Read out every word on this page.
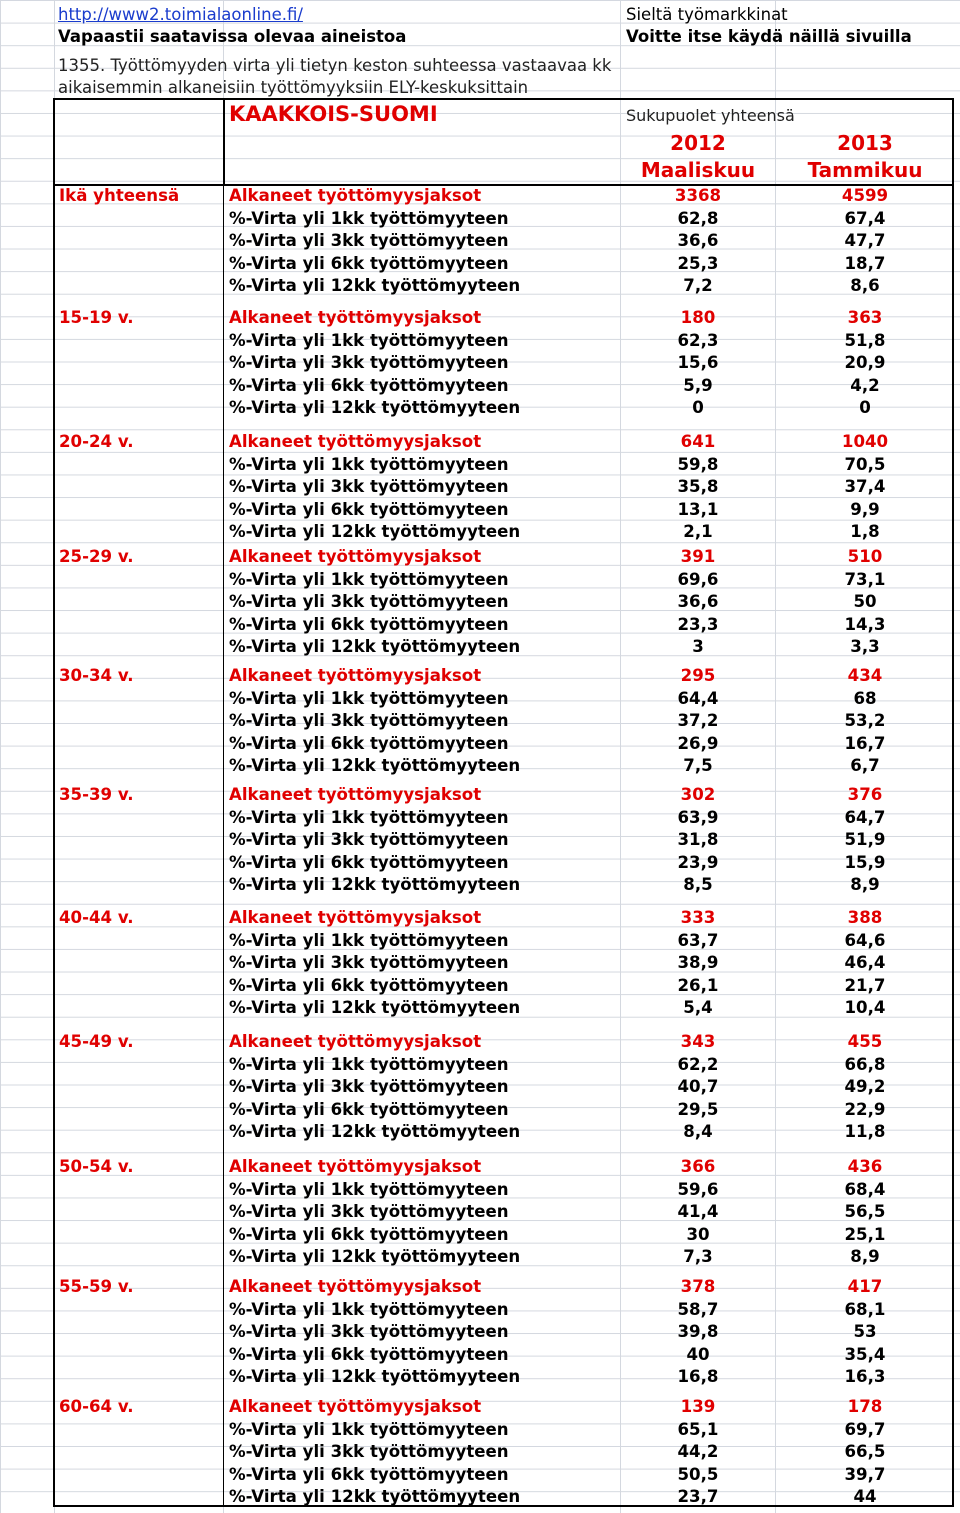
http://www2.toimialaonline.fi/	Sieltä työmarkkinat
Vapaastii saatavissa olevaa aineistoa	Voitte itse käydä näillä sivuilla
1355. Työttömyyden virta yli tietyn keston suhteessa vastaavaa kk
aikaisemmin alkaneisiin työttömyyksiin ELY-keskuksittain
KAAKKOIS-SUOMI	Sukupuolet yhteensä
2012
Maaliskuu
2013
Tammikuu
Ikä yhteensä	Alkaneet työttömyysjaksot	3368	4599
%-Virta yli 1kk työttömyyteen	62,8	67,4
%-Virta yli 3kk työttömyyteen	36,6	47,7
%-Virta yli 6kk työttömyyteen	25,3	18,7
%-Virta yli 12kk työttömyyteen	7,2	8,6
15-19 v.	Alkaneet työttömyysjaksot	180	363
%-Virta yli 1kk työttömyyteen	62,3	51,8
%-Virta yli 3kk työttömyyteen	15,6	20,9
%-Virta yli 6kk työttömyyteen	5,9	4,2
%-Virta yli 12kk työttömyyteen	0	0
20-24 v.	Alkaneet työttömyysjaksot	641	1040
%-Virta yli 1kk työttömyyteen	59,8	70,5
%-Virta yli 3kk työttömyyteen	35,8	37,4
%-Virta yli 6kk työttömyyteen	13,1	9,9
%-Virta yli 12kk työttömyyteen	2,1	1,8
25-29 v.	Alkaneet työttömyysjaksot	391	510
%-Virta yli 1kk työttömyyteen	69,6	73,1
%-Virta yli 3kk työttömyyteen	36,6	50
%-Virta yli 6kk työttömyyteen	23,3	14,3
%-Virta yli 12kk työttömyyteen	3	3,3
30-34 v.	Alkaneet työttömyysjaksot	295	434
%-Virta yli 1kk työttömyyteen	64,4	68
%-Virta yli 3kk työttömyyteen	37,2	53,2
%-Virta yli 6kk työttömyyteen	26,9	16,7
%-Virta yli 12kk työttömyyteen	7,5	6,7
35-39 v.	Alkaneet työttömyysjaksot	302	376
%-Virta yli 1kk työttömyyteen	63,9	64,7
%-Virta yli 3kk työttömyyteen	31,8	51,9
%-Virta yli 6kk työttömyyteen	23,9	15,9
%-Virta yli 12kk työttömyyteen	8,5	8,9
40-44 v.	Alkaneet työttömyysjaksot	333	388
%-Virta yli 1kk työttömyyteen	63,7	64,6
%-Virta yli 3kk työttömyyteen	38,9	46,4
%-Virta yli 6kk työttömyyteen	26,1	21,7
%-Virta yli 12kk työttömyyteen	5,4	10,4
45-49 v.	Alkaneet työttömyysjaksot	343	455
%-Virta yli 1kk työttömyyteen	62,2	66,8
%-Virta yli 3kk työttömyyteen	40,7	49,2
%-Virta yli 6kk työttömyyteen	29,5	22,9
%-Virta yli 12kk työttömyyteen	8,4	11,8
50-54 v.	Alkaneet työttömyysjaksot	366	436
%-Virta yli 1kk työttömyyteen	59,6	68,4
%-Virta yli 3kk työttömyyteen	41,4	56,5
%-Virta yli 6kk työttömyyteen	30	25,1
%-Virta yli 12kk työttömyyteen	7,3	8,9
55-59 v.	Alkaneet työttömyysjaksot	378	417
%-Virta yli 1kk työttömyyteen	58,7	68,1
%-Virta yli 3kk työttömyyteen	39,8	53
%-Virta yli 6kk työttömyyteen	40	35,4
%-Virta yli 12kk työttömyyteen	16,8	16,3
60-64 v.	Alkaneet työttömyysjaksot	139	178
%-Virta yli 1kk työttömyyteen	65,1	69,7
%-Virta yli 3kk työttömyyteen	44,2	66,5
%-Virta yli 6kk työttömyyteen	50,5	39,7
%-Virta yli 12kk työttömyyteen	23,7	44
